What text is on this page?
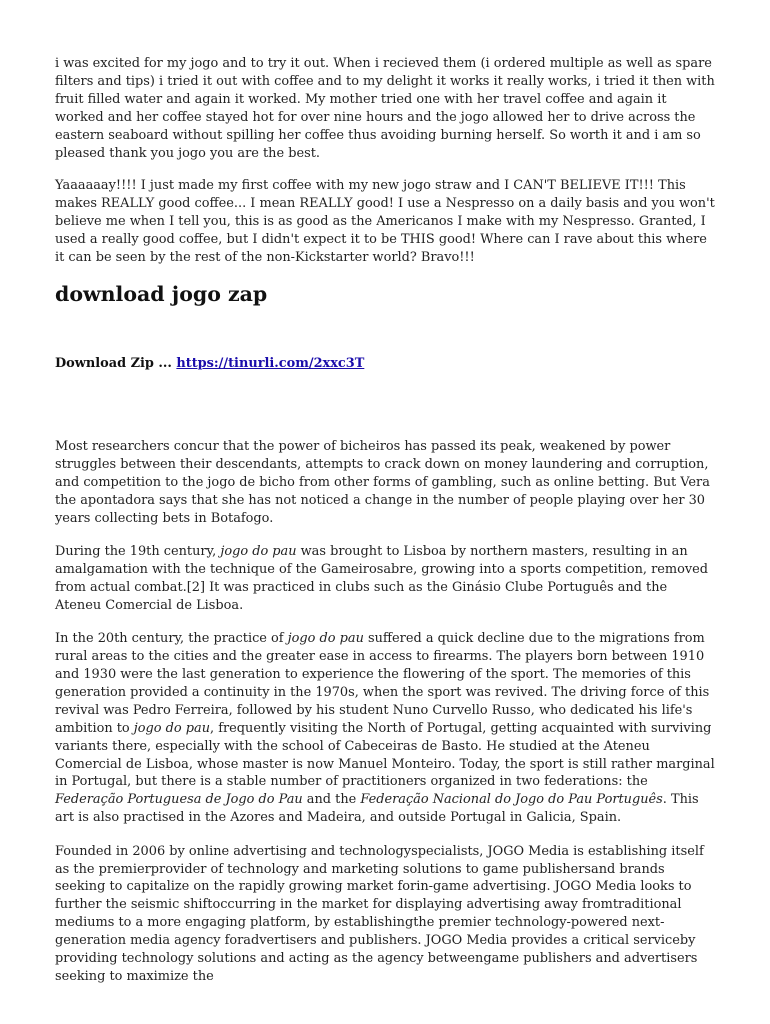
i was excited for my jogo and to try it out. When i recieved them (i ordered multiple as well as spare filters and tips) i tried it out with coffee and to my delight it works it really works, i tried it then with fruit filled water and again it worked. My mother tried one with her travel coffee and again it worked and her coffee stayed hot for over nine hours and the jogo allowed her to drive across the eastern seaboard without spilling her coffee thus avoiding burning herself. So worth it and i am so pleased thank you jogo you are the best.

Yaaaaaay!!!! I just made my first coffee with my new jogo straw and I CAN'T BELIEVE IT!!! This makes REALLY good coffee... I mean REALLY good! I use a Nespresso on a daily basis and you won't believe me when I tell you, this is as good as the Americanos I make with my Nespresso. Granted, I used a really good coffee, but I didn't expect it to be THIS good! Where can I rave about this where it can be seen by the rest of the non-Kickstarter world? Bravo!!!

download jogo zap

Download Zip ... https://tinurli.com/2xxc3T

Most researchers concur that the power of bicheiros has passed its peak, weakened by power struggles between their descendants, attempts to crack down on money laundering and corruption, and competition to the jogo de bicho from other forms of gambling, such as online betting. But Vera the apontadora says that she has not noticed a change in the number of people playing over her 30 years collecting bets in Botafogo.

During the 19th century, jogo do pau was brought to Lisboa by northern masters, resulting in an amalgamation with the technique of the Gameirosabre, growing into a sports competition, removed from actual combat.[2] It was practiced in clubs such as the Ginásio Clube Português and the Ateneu Comercial de Lisboa.

In the 20th century, the practice of jogo do pau suffered a quick decline due to the migrations from rural areas to the cities and the greater ease in access to firearms. The players born between 1910 and 1930 were the last generation to experience the flowering of the sport. The memories of this generation provided a continuity in the 1970s, when the sport was revived. The driving force of this revival was Pedro Ferreira, followed by his student Nuno Curvello Russo, who dedicated his life's ambition to jogo do pau, frequently visiting the North of Portugal, getting acquainted with surviving variants there, especially with the school of Cabeceiras de Basto. He studied at the Ateneu Comercial de Lisboa, whose master is now Manuel Monteiro. Today, the sport is still rather marginal in Portugal, but there is a stable number of practitioners organized in two federations: the Federação Portuguesa de Jogo do Pau and the Federação Nacional do Jogo do Pau Português. This art is also practised in the Azores and Madeira, and outside Portugal in Galicia, Spain.

Founded in 2006 by online advertising and technologyspecialists, JOGO Media is establishing itself as the premierprovider of technology and marketing solutions to game publishersand brands seeking to capitalize on the rapidly growing market forin-game advertising. JOGO Media looks to further the seismic shiftoccurring in the market for displaying advertising away fromtraditional mediums to a more engaging platform, by establishingthe premier technology-powered next-generation media agency foradvertisers and publishers. JOGO Media provides a critical serviceby providing technology solutions and acting as the agency betweengame publishers and advertisers seeking to maximize the
